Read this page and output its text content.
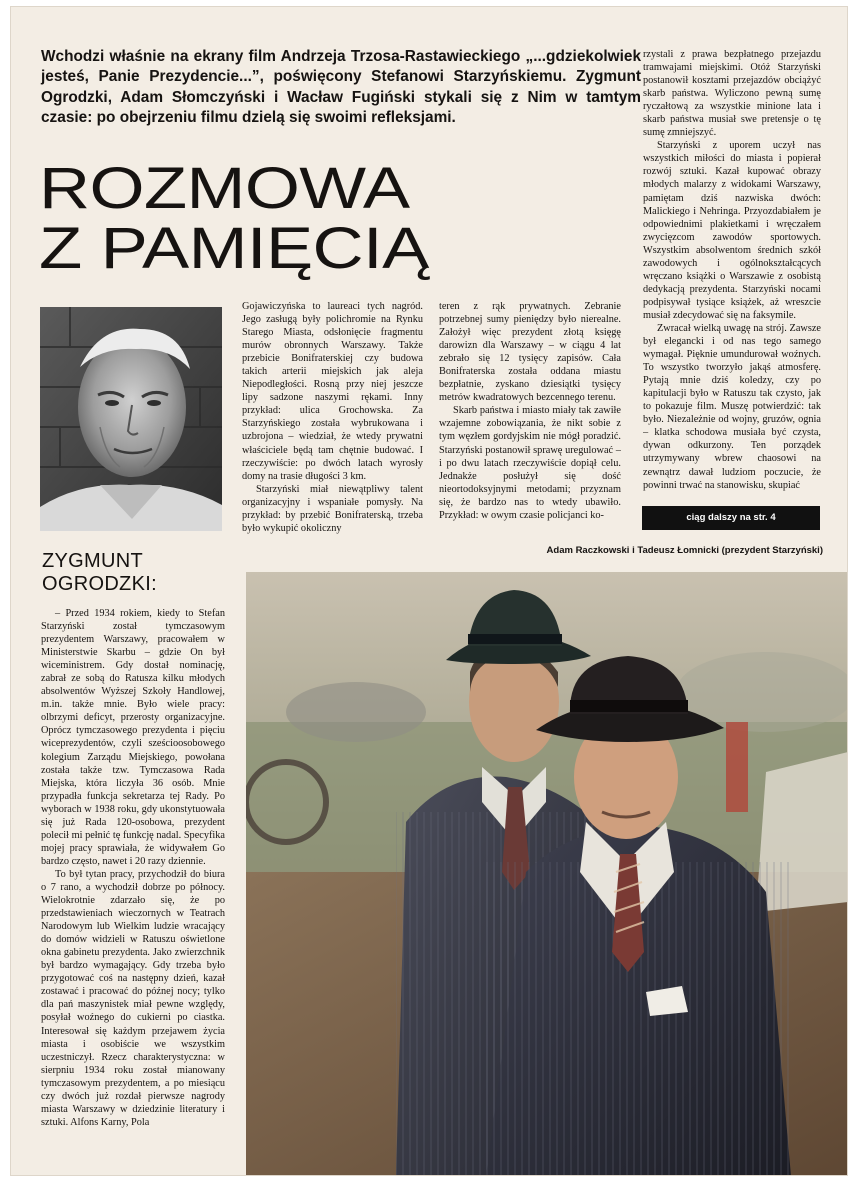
Wchodzi właśnie na ekrany film Andrzeja Trzosa-Rastawieckiego „...gdziekolwiek jesteś, Panie Prezydencie...”, poświęcony Stefanowi Starzyńskiemu. Zygmunt Ogrodzki, Adam Słomczyński i Wacław Fugiński stykali się z Nim w tamtym czasie: po obejrzeniu filmu dzielą się swoimi refleksjami.

ROZMOWA
Z PAMIĘCIĄ

Gojawiczyńska to laureaci tych nagród. Jego zasługą były polichromie na Rynku Starego Miasta, odsłonięcie fragmentu murów obronnych Warszawy. Także przebicie Bonifraterskiej czy budowa takich arterii miejskich jak aleja Niepodległości. Rosną przy niej jeszcze lipy sadzone naszymi rękami. Inny przykład: ulica Grochowska. Za Starzyńskiego została wybrukowana i uzbrojona – wiedział, że wtedy prywatni właściciele będą tam chętnie budować. I rzeczywiście: po dwóch latach wyrosły domy na trasie długości 3 km.

Starzyński miał niewątpliwy talent organizacyjny i wspaniałe pomysły. Na przykład: by przebić Bonifraterską, trzeba było wykupić okoliczny

teren z rąk prywatnych. Zebranie potrzebnej sumy pieniędzy było nierealne. Założył więc prezydent złotą księgę darowizn dla Warszawy – w ciągu 4 lat zebrało się 12 tysięcy zapisów. Cała Bonifraterska została oddana miastu bezpłatnie, zyskano dziesiątki tysięcy metrów kwadratowych bezcennego terenu.

Skarb państwa i miasto miały tak zawiłe wzajemne zobowiązania, że nikt sobie z tym węzłem gordyjskim nie mógł poradzić. Starzyński postanowił sprawę uregulować – i po dwu latach rzeczywiście dopiął celu. Jednakże posłużył się dość nieortodoksyjnymi metodami; przyznam się, że bardzo nas to wtedy ubawiło. Przykład: w owym czasie policjanci ko-

rzystali z prawa bezpłatnego przejazdu tramwajami miejskimi. Otóż Starzyński postanowił kosztami przejazdów obciążyć skarb państwa. Wyliczono pewną sumę ryczałtową za wszystkie minione lata i skarb państwa musiał swe pretensje o tę sumę zmniejszyć.

Starzyński z uporem uczył nas wszystkich miłości do miasta i popierał rozwój sztuki. Kazał kupować obrazy młodych malarzy z widokami Warszawy, pamiętam dziś nazwiska dwóch: Malickiego i Nehringa. Przyozdabiałem je odpowiednimi plakietkami i wręczałem zwycięzcom zawodów sportowych. Wszystkim absolwentom średnich szkół zawodowych i ogólnokształcących wręczano książki o Warszawie z osobistą dedykacją prezydenta. Starzyński nocami podpisywał tysiące książek, aż wreszcie musiał zdecydować się na faksymile.

Zwracał wielką uwagę na strój. Zawsze był elegancki i od nas tego samego wymagał. Pięknie umundurował woźnych. To wszystko tworzyło jakąś atmosferę. Pytają mnie dziś koledzy, czy po kapitulacji było w Ratuszu tak czysto, jak to pokazuje film. Muszę potwierdzić: tak było. Niezależnie od wojny, gruzów, ognia – klatka schodowa musiała być czysta, dywan odkurzony. Ten porządek utrzymywany wbrew chaosowi na zewnątrz dawał ludziom poczucie, że powinni trwać na stanowisku, skupiać

ciąg dalszy na str. 4
Adam Raczkowski i Tadeusz Łomnicki (prezydent Starzyński)
ZYGMUNT
OGRODZKI:

– Przed 1934 rokiem, kiedy to Stefan Starzyński został tymczasowym prezydentem Warszawy, pracowałem w Ministerstwie Skarbu – gdzie On był wiceministrem. Gdy dostał nominację, zabrał ze sobą do Ratusza kilku młodych absolwentów Wyższej Szkoły Handlowej, m.in. także mnie. Było wiele pracy: olbrzymi deficyt, przerosty organizacyjne. Oprócz tymczasowego prezydenta i pięciu wiceprezydentów, czyli sześcioosobowego kolegium Zarządu Miejskiego, powołana została także tzw. Tymczasowa Rada Miejska, która liczyła 36 osób. Mnie przypadła funkcja sekretarza tej Rady. Po wyborach w 1938 roku, gdy ukonstytuowała się już Rada 120-osobowa, prezydent polecił mi pełnić tę funkcję nadal. Specyfika mojej pracy sprawiała, że widywałem Go bardzo często, nawet i 20 razy dziennie.

To był tytan pracy, przychodził do biura o 7 rano, a wychodził dobrze po północy. Wielokrotnie zdarzało się, że po przedstawieniach wieczornych w Teatrach Narodowym lub Wielkim ludzie wracający do domów widzieli w Ratuszu oświetlone okna gabinetu prezydenta. Jako zwierzchnik był bardzo wymagający. Gdy trzeba było przygotować coś na następny dzień, kazał zostawać i pracować do późnej nocy; tylko dla pań maszynistek miał pewne względy, posyłał woźnego do cukierni po ciastka. Interesował się każdym przejawem życia miasta i osobiście we wszystkim uczestniczył. Rzecz charakterystyczna: w sierpniu 1934 roku został mianowany tymczasowym prezydentem, a po miesiącu czy dwóch już rozdał pierwsze nagrody miasta Warszawy w dziedzinie literatury i sztuki. Alfons Karny, Pola
